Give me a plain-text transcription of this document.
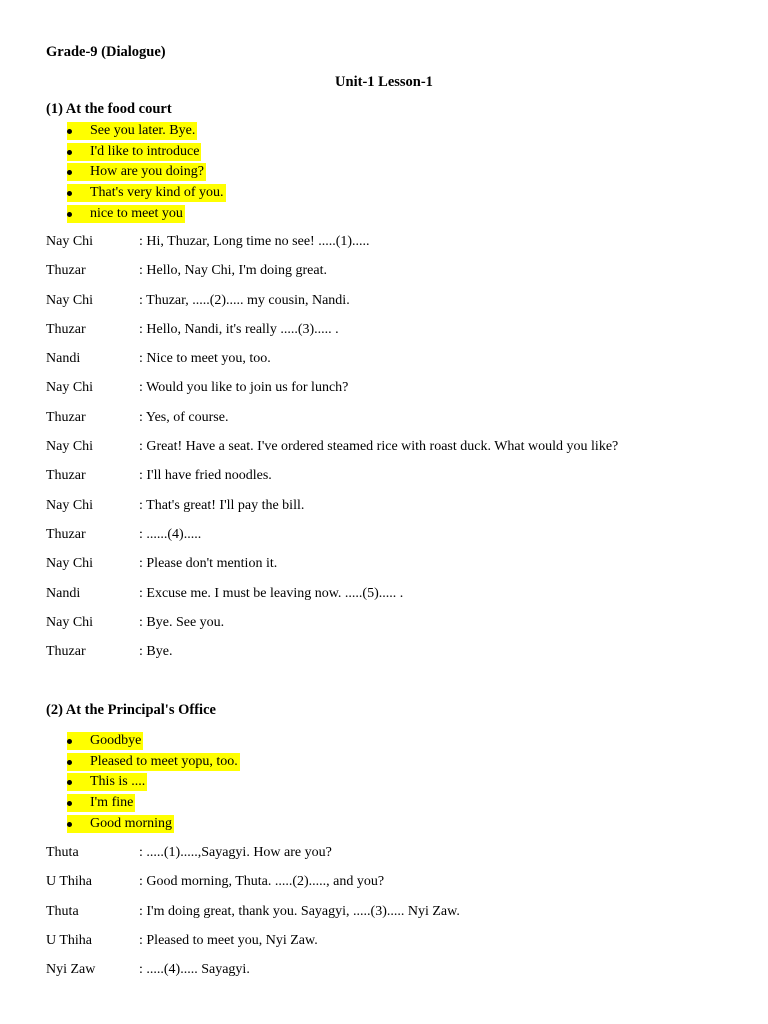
Grade-9 (Dialogue)
Unit-1 Lesson-1
(1) At the food court
See you later. Bye.
I'd like to introduce
How are you doing?
That's very kind of you.
nice to meet you
Nay Chi	: Hi, Thuzar, Long time no see! .....(1).....
Thuzar	: Hello, Nay Chi, I'm doing great.
Nay Chi	: Thuzar, .....(2)..... my cousin, Nandi.
Thuzar	: Hello, Nandi, it's really .....(3)..... .
Nandi	: Nice to meet you, too.
Nay Chi	: Would you like to join us for lunch?
Thuzar	: Yes, of course.
Nay Chi	: Great! Have a seat. I've ordered steamed rice with roast duck. What would you like?
Thuzar	: I'll have fried noodles.
Nay Chi	: That's great! I'll pay the bill.
Thuzar	: ......(4).....
Nay Chi	: Please don't mention it.
Nandi	: Excuse me. I must be leaving now. .....(5)..... .
Nay Chi	: Bye. See you.
Thuzar	: Bye.
(2) At the Principal's Office
Goodbye
Pleased to meet yopu, too.
This is ....
I'm fine
Good morning
Thuta	: .....(1).....,Sayagyi. How are you?
U Thiha	: Good morning, Thuta. .....(2)....., and you?
Thuta	: I'm doing great, thank you. Sayagyi, .....(3)..... Nyi Zaw.
U Thiha	: Pleased to meet you, Nyi Zaw.
Nyi Zaw	: .....(4)..... Sayagyi.
